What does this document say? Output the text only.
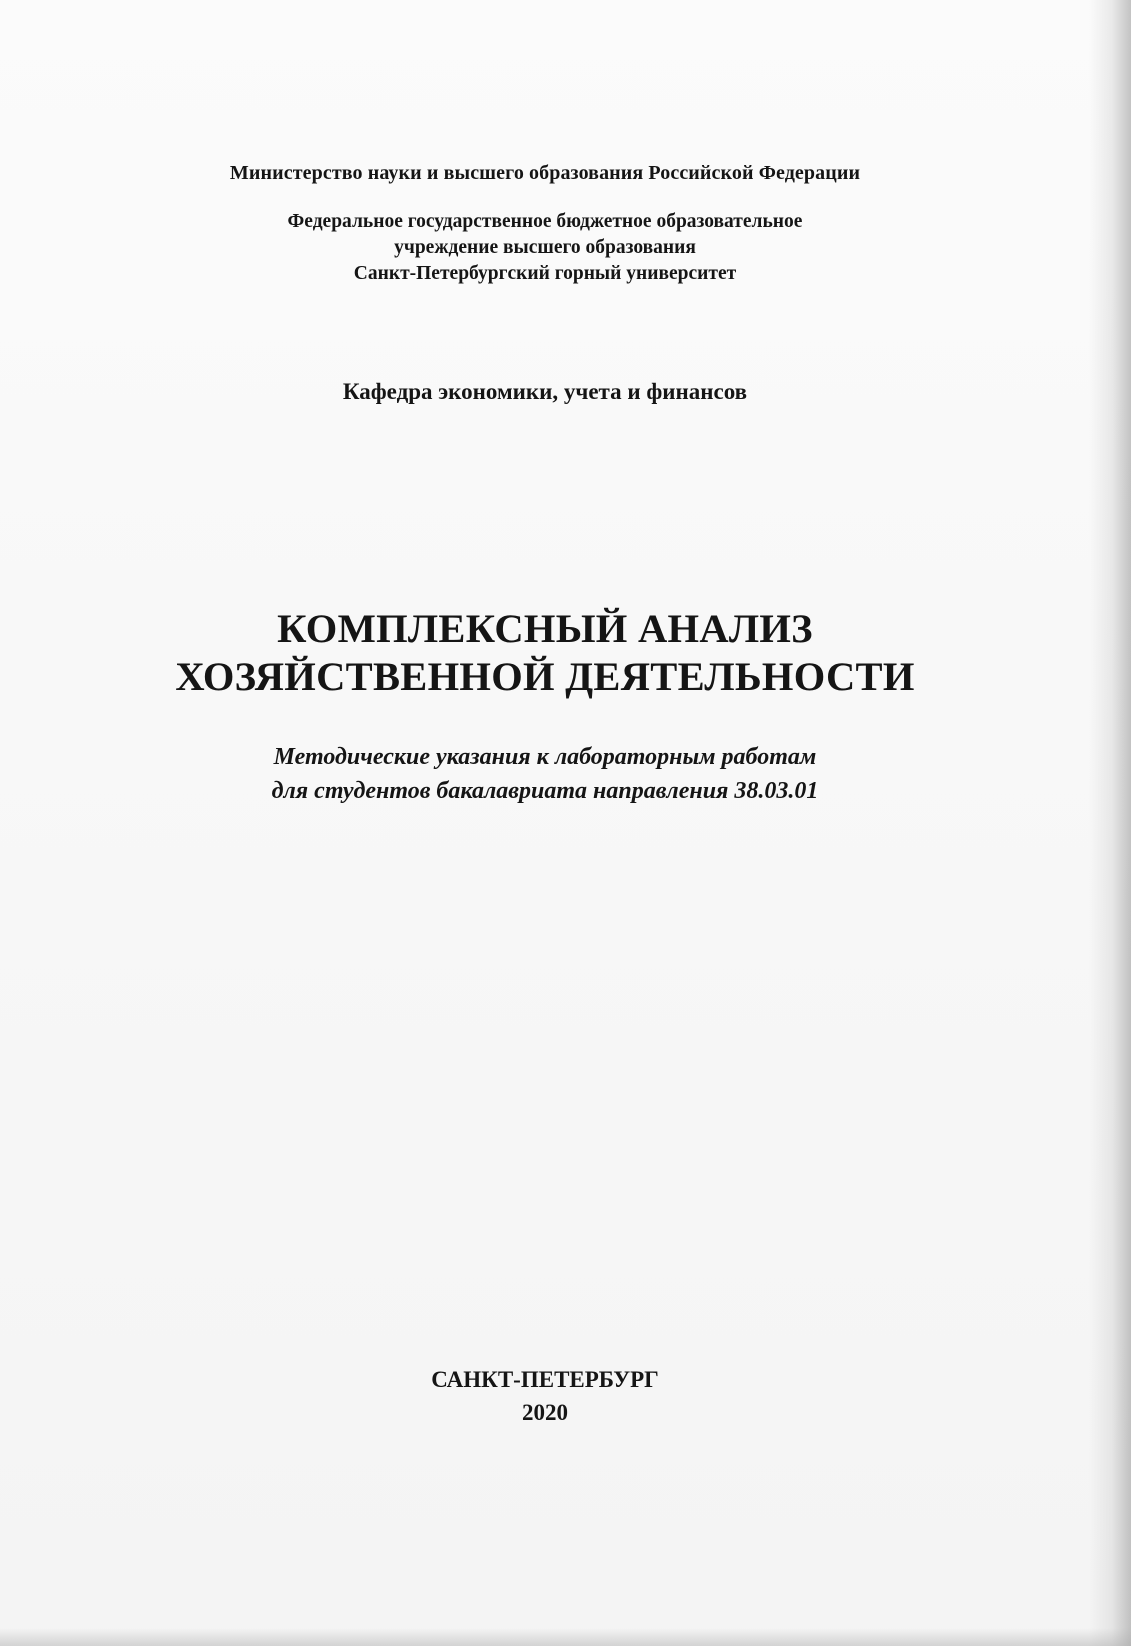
Министерство науки и высшего образования Российской Федерации
Федеральное государственное бюджетное образовательное
учреждение высшего образования
Санкт-Петербургский горный университет
Кафедра экономики, учета и финансов
КОМПЛЕКСНЫЙ АНАЛИЗ
ХОЗЯЙСТВЕННОЙ ДЕЯТЕЛЬНОСТИ
Методические указания к лабораторным работам
для студентов бакалавриата направления 38.03.01
САНКТ-ПЕТЕРБУРГ
2020
